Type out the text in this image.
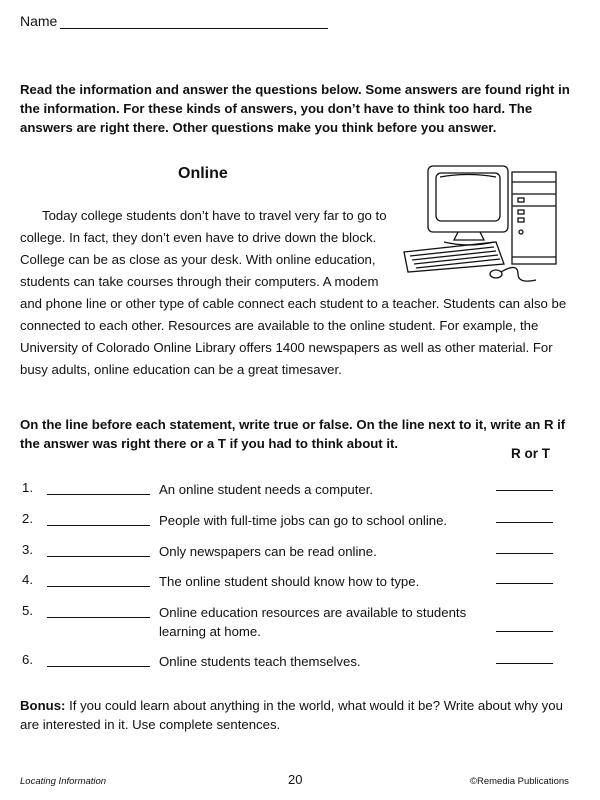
Name
Read the information and answer the questions below. Some answers are found right in the information. For these kinds of answers, you don’t have to think too hard. The answers are right there. Other questions make you think before you answer.
Online

Today college students don’t have to travel very far to go to college. In fact, they don’t even have to drive down the block. College can be as close as your desk. With online education, students can take courses through their computers. A modem

and phone line or other type of cable connect each student to a teacher. Students can also be connected to each other. Resources are available to the online student. For example, the University of Colorado Online Library offers 1400 newspapers as well as other material. For busy adults, online education can be a great timesaver.

On the line before each statement, write true or false. On the line next to it, write an R if the answer was right there or a T if you had to think about it.
R or T
1.	An online student needs a computer.
2.	People with full-time jobs can go to school online.
3.	Only newspapers can be read online.
4.	The online student should know how to type.
5.	Online education resources are available to students learning at home.
6.	Online students teach themselves.
Bonus: If you could learn about anything in the world, what would it be? Write about why you are interested in it. Use complete sentences.
Locating Information	20	©Remedia Publications
